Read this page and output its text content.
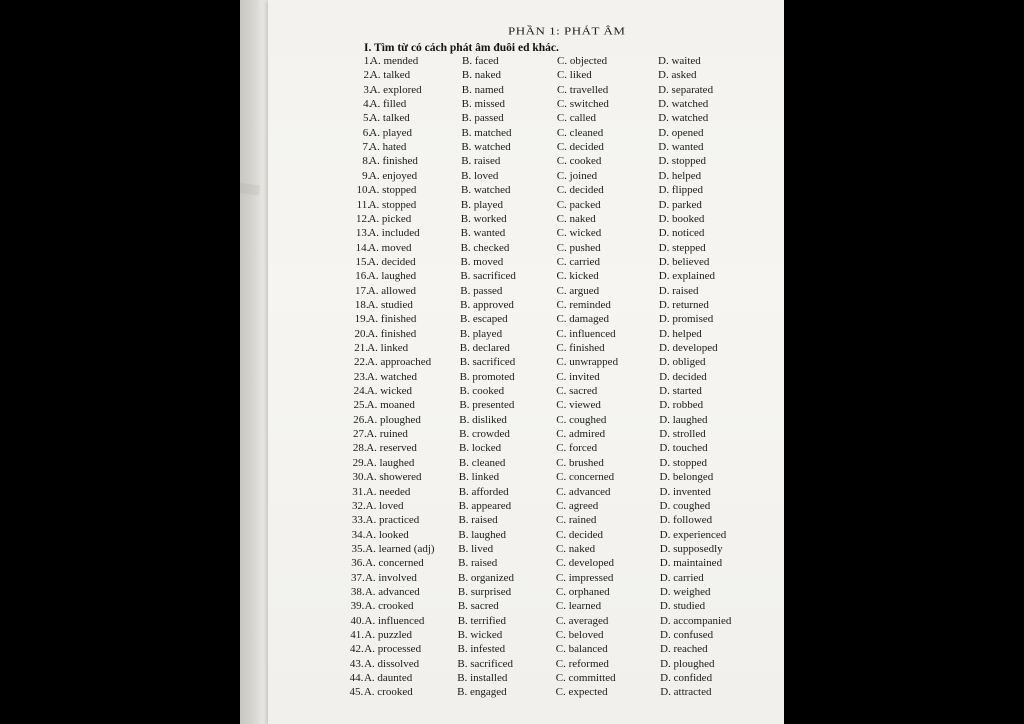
PHẦN 1: PHÁT ÂM
I. Tìm từ có cách phát âm đuôi ed khác.
1.
A. mended	B. faced	C. objected	D. waited
2.
A. talked	B. naked	C. liked	D. asked
3.
A. explored	B. named	C. travelled	D. separated
4.
A. filled	B. missed	C. switched	D. watched
5.
A. talked	B. passed	C. called	D. watched
6.
A. played	B. matched	C. cleaned	D. opened
7.
A. hated	B. watched	C. decided	D. wanted
8.
A. finished	B. raised	C. cooked	D. stopped
9.
A. enjoyed	B. loved	C. joined	D. helped
10.
A. stopped	B. watched	C. decided	D. flipped
11.
A. stopped	B. played	C. packed	D. parked
12.
A. picked	B. worked	C. naked	D. booked
13.
A. included	B. wanted	C. wicked	D. noticed
14.
A. moved	B. checked	C. pushed	D. stepped
15.
A. decided	B. moved	C. carried	D. believed
16.
A. laughed	B. sacrificed	C. kicked	D. explained
17.
A. allowed	B. passed	C. argued	D. raised
18. A. studied	B. approved	C. reminded	D. returned
19. A. finished	B. escaped	C. damaged	D. promised
20. A. finished	B. played	C. influenced	D. helped
21. A. linked	B. declared	C. finished	D. developed
22. A. approached	B. sacrificed	C. unwrapped	D. obliged
23. A. watched	B. promoted	C. invited	D. decided
24. A. wicked	B. cooked	C. sacred	D. started
25. A. moaned	B. presented	C. viewed	D. robbed
26. A. ploughed	B. disliked	C. coughed	D. laughed
27. A. ruined	B. crowded	C. admired	D. strolled
28. A. reserved	B. locked	C. forced	D. touched
29. A. laughed	B. cleaned	C. brushed	D. stopped
30. A. showered	B. linked	C. concerned	D. belonged
31. A. needed	B. afforded	C. advanced	D. invented
32. A. loved	B. appeared	C. agreed	D. coughed
33. A. practiced	B. raised	C. rained	D. followed
34. A. looked	B. laughed	C. decided	D. experienced
35. A. learned (adj) B. lived	C. naked	D. supposedly
36. A. concerned	B. raised	C. developed	D. maintained
37. A. involved	B. organized	C. impressed	D. carried
38. A. advanced	B. surprised	C. orphaned	D. weighed
39. A. crooked	B. sacred	C. learned	D. studied
40. A. influenced	B. terrified	C. averaged	D. accompanied
41. A. puzzled	B. wicked	C. beloved	D. confused
42. A. processed	B. infested	C. balanced	D. reached
43. A. dissolved	B. sacrificed	C. reformed	D. ploughed
44. A. daunted	B. installed	C. committed	D. confided
45. A. crooked	B. engaged	C. expected	D. attracted
